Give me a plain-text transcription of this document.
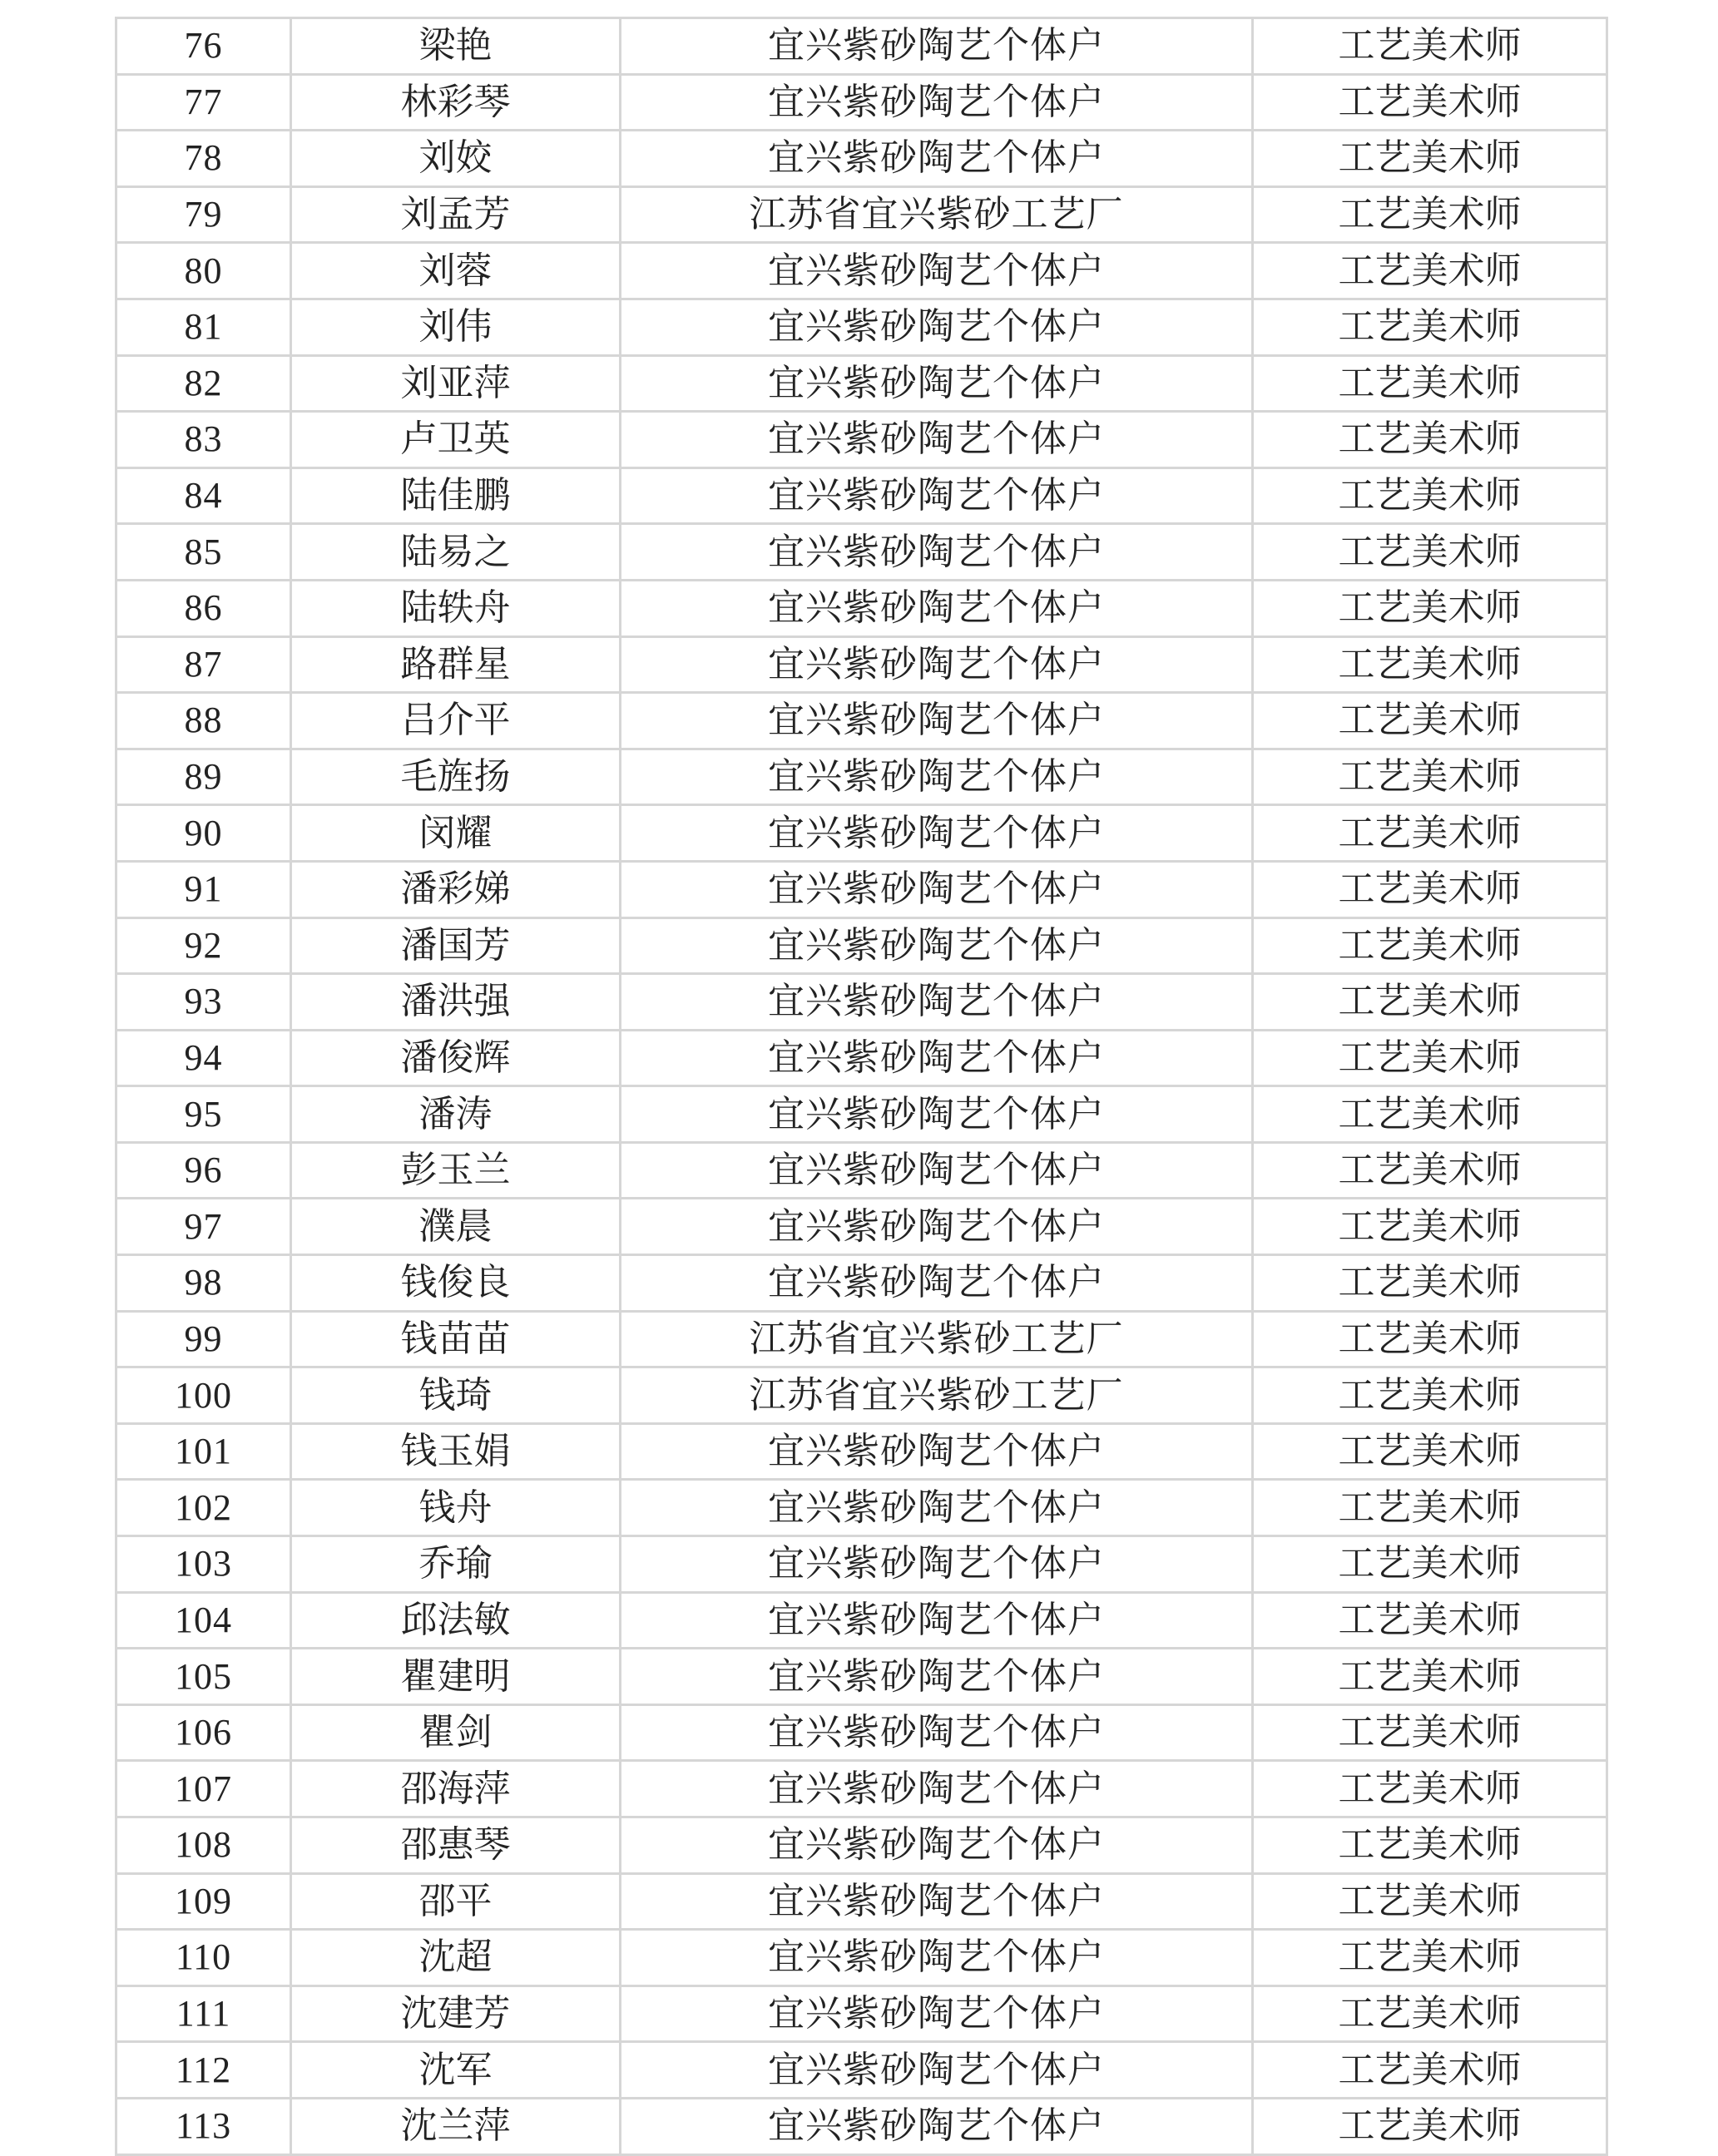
76	梁艳	宜兴紫砂陶艺个体户	工艺美术师
77	林彩琴	宜兴紫砂陶艺个体户	工艺美术师
78	刘姣	宜兴紫砂陶艺个体户	工艺美术师
79	刘孟芳	江苏省宜兴紫砂工艺厂	工艺美术师
80	刘蓉	宜兴紫砂陶艺个体户	工艺美术师
81	刘伟	宜兴紫砂陶艺个体户	工艺美术师
82	刘亚萍	宜兴紫砂陶艺个体户	工艺美术师
83	卢卫英	宜兴紫砂陶艺个体户	工艺美术师
84	陆佳鹏	宜兴紫砂陶艺个体户	工艺美术师
85	陆易之	宜兴紫砂陶艺个体户	工艺美术师
86	陆轶舟	宜兴紫砂陶艺个体户	工艺美术师
87	路群星	宜兴紫砂陶艺个体户	工艺美术师
88	吕介平	宜兴紫砂陶艺个体户	工艺美术师
89	毛旌扬	宜兴紫砂陶艺个体户	工艺美术师
90	闵耀	宜兴紫砂陶艺个体户	工艺美术师
91	潘彩娣	宜兴紫砂陶艺个体户	工艺美术师
92	潘国芳	宜兴紫砂陶艺个体户	工艺美术师
93	潘洪强	宜兴紫砂陶艺个体户	工艺美术师
94	潘俊辉	宜兴紫砂陶艺个体户	工艺美术师
95	潘涛	宜兴紫砂陶艺个体户	工艺美术师
96	彭玉兰	宜兴紫砂陶艺个体户	工艺美术师
97	濮晨	宜兴紫砂陶艺个体户	工艺美术师
98	钱俊良	宜兴紫砂陶艺个体户	工艺美术师
99	钱苗苗	江苏省宜兴紫砂工艺厂	工艺美术师
100	钱琦	江苏省宜兴紫砂工艺厂	工艺美术师
101	钱玉娟	宜兴紫砂陶艺个体户	工艺美术师
102	钱舟	宜兴紫砂陶艺个体户	工艺美术师
103	乔瑜	宜兴紫砂陶艺个体户	工艺美术师
104	邱法敏	宜兴紫砂陶艺个体户	工艺美术师
105	瞿建明	宜兴紫砂陶艺个体户	工艺美术师
106	瞿剑	宜兴紫砂陶艺个体户	工艺美术师
107	邵海萍	宜兴紫砂陶艺个体户	工艺美术师
108	邵惠琴	宜兴紫砂陶艺个体户	工艺美术师
109	邵平	宜兴紫砂陶艺个体户	工艺美术师
110	沈超	宜兴紫砂陶艺个体户	工艺美术师
111	沈建芳	宜兴紫砂陶艺个体户	工艺美术师
112	沈军	宜兴紫砂陶艺个体户	工艺美术师
113	沈兰萍	宜兴紫砂陶艺个体户	工艺美术师
